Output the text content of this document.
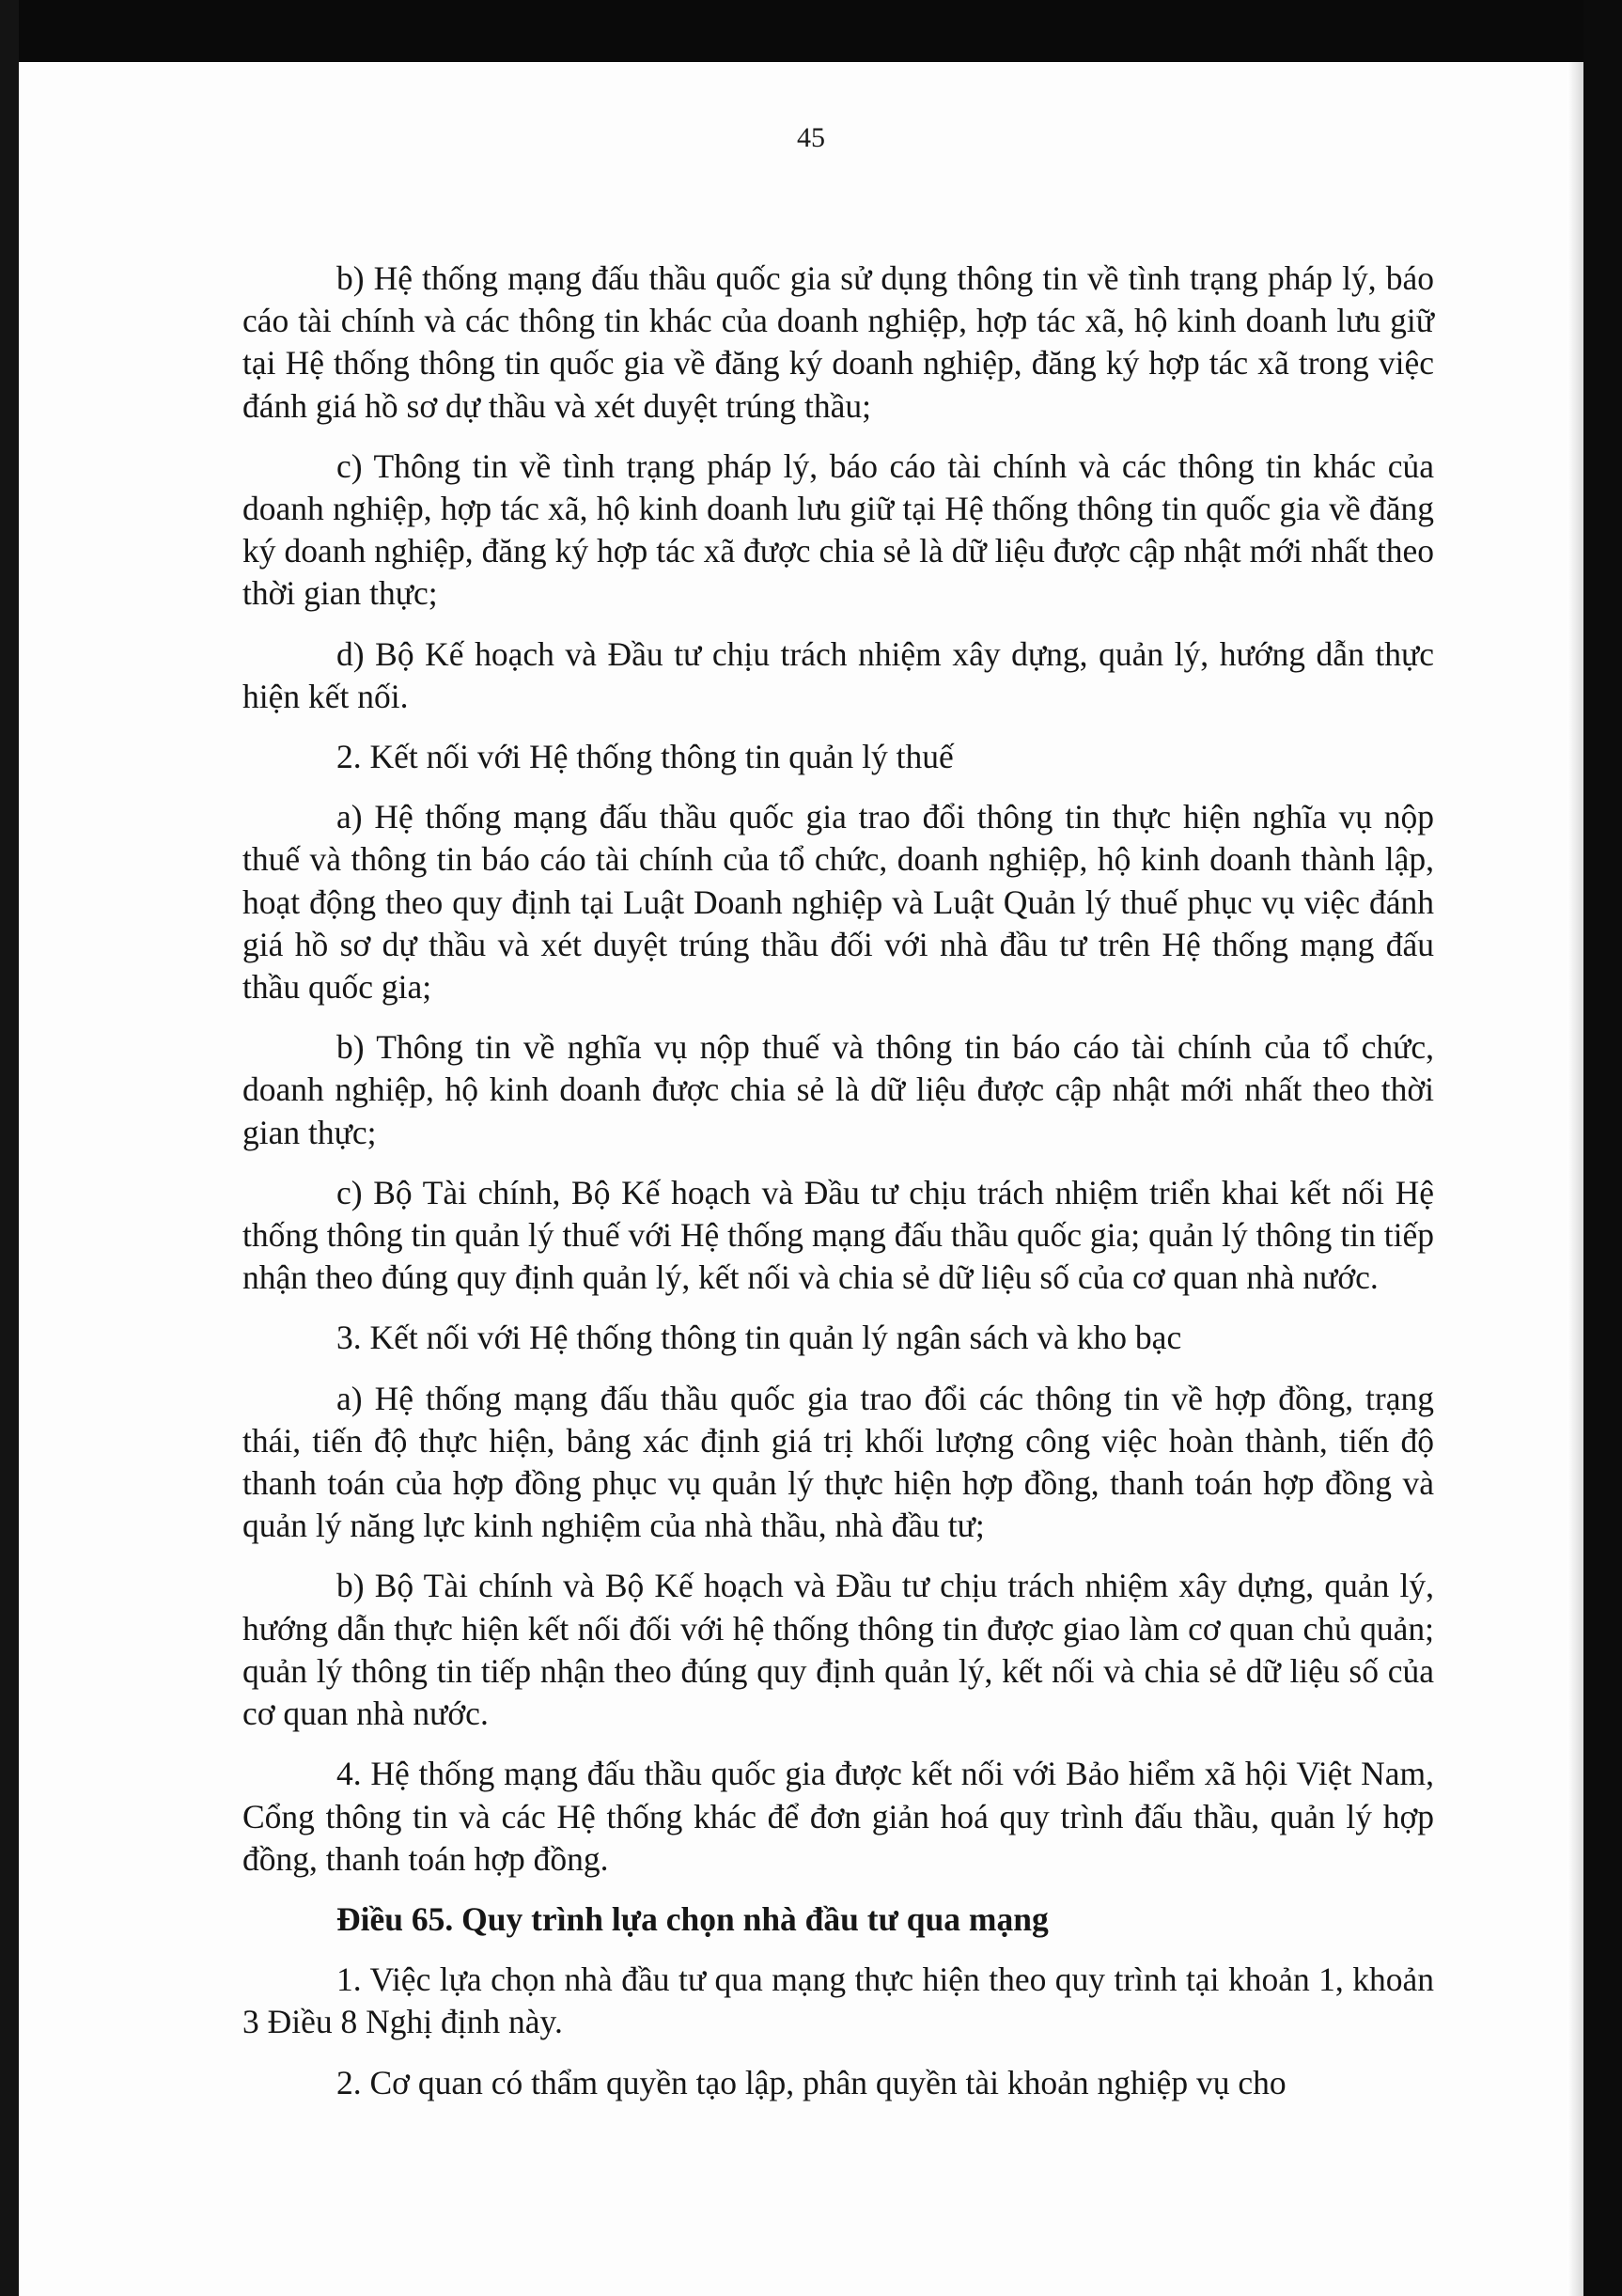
45

b) Hệ thống mạng đấu thầu quốc gia sử dụng thông tin về tình trạng pháp lý, báo cáo tài chính và các thông tin khác của doanh nghiệp, hợp tác xã, hộ kinh doanh lưu giữ tại Hệ thống thông tin quốc gia về đăng ký doanh nghiệp, đăng ký hợp tác xã trong việc đánh giá hồ sơ dự thầu và xét duyệt trúng thầu;

c) Thông tin về tình trạng pháp lý, báo cáo tài chính và các thông tin khác của doanh nghiệp, hợp tác xã, hộ kinh doanh lưu giữ tại Hệ thống thông tin quốc gia về đăng ký doanh nghiệp, đăng ký hợp tác xã được chia sẻ là dữ liệu được cập nhật mới nhất theo thời gian thực;

d) Bộ Kế hoạch và Đầu tư chịu trách nhiệm xây dựng, quản lý, hướng dẫn thực hiện kết nối.

2. Kết nối với Hệ thống thông tin quản lý thuế

a) Hệ thống mạng đấu thầu quốc gia trao đổi thông tin thực hiện nghĩa vụ nộp thuế và thông tin báo cáo tài chính của tổ chức, doanh nghiệp, hộ kinh doanh thành lập, hoạt động theo quy định tại Luật Doanh nghiệp và Luật Quản lý thuế phục vụ việc đánh giá hồ sơ dự thầu và xét duyệt trúng thầu đối với nhà đầu tư trên Hệ thống mạng đấu thầu quốc gia;

b) Thông tin về nghĩa vụ nộp thuế và thông tin báo cáo tài chính của tổ chức, doanh nghiệp, hộ kinh doanh được chia sẻ là dữ liệu được cập nhật mới nhất theo thời gian thực;

c) Bộ Tài chính, Bộ Kế hoạch và Đầu tư chịu trách nhiệm triển khai kết nối Hệ thống thông tin quản lý thuế với Hệ thống mạng đấu thầu quốc gia; quản lý thông tin tiếp nhận theo đúng quy định quản lý, kết nối và chia sẻ dữ liệu số của cơ quan nhà nước.

3. Kết nối với Hệ thống thông tin quản lý ngân sách và kho bạc

a) Hệ thống mạng đấu thầu quốc gia trao đổi các thông tin về hợp đồng, trạng thái, tiến độ thực hiện, bảng xác định giá trị khối lượng công việc hoàn thành, tiến độ thanh toán của hợp đồng phục vụ quản lý thực hiện hợp đồng, thanh toán hợp đồng và quản lý năng lực kinh nghiệm của nhà thầu, nhà đầu tư;

b) Bộ Tài chính và Bộ Kế hoạch và Đầu tư chịu trách nhiệm xây dựng, quản lý, hướng dẫn thực hiện kết nối đối với hệ thống thông tin được giao làm cơ quan chủ quản; quản lý thông tin tiếp nhận theo đúng quy định quản lý, kết nối và chia sẻ dữ liệu số của cơ quan nhà nước.

4. Hệ thống mạng đấu thầu quốc gia được kết nối với Bảo hiểm xã hội Việt Nam, Cổng thông tin và các Hệ thống khác để đơn giản hoá quy trình đấu thầu, quản lý hợp đồng, thanh toán hợp đồng.

Điều 65. Quy trình lựa chọn nhà đầu tư qua mạng

1. Việc lựa chọn nhà đầu tư qua mạng thực hiện theo quy trình tại khoản 1, khoản 3 Điều 8 Nghị định này.

2. Cơ quan có thẩm quyền tạo lập, phân quyền tài khoản nghiệp vụ cho
